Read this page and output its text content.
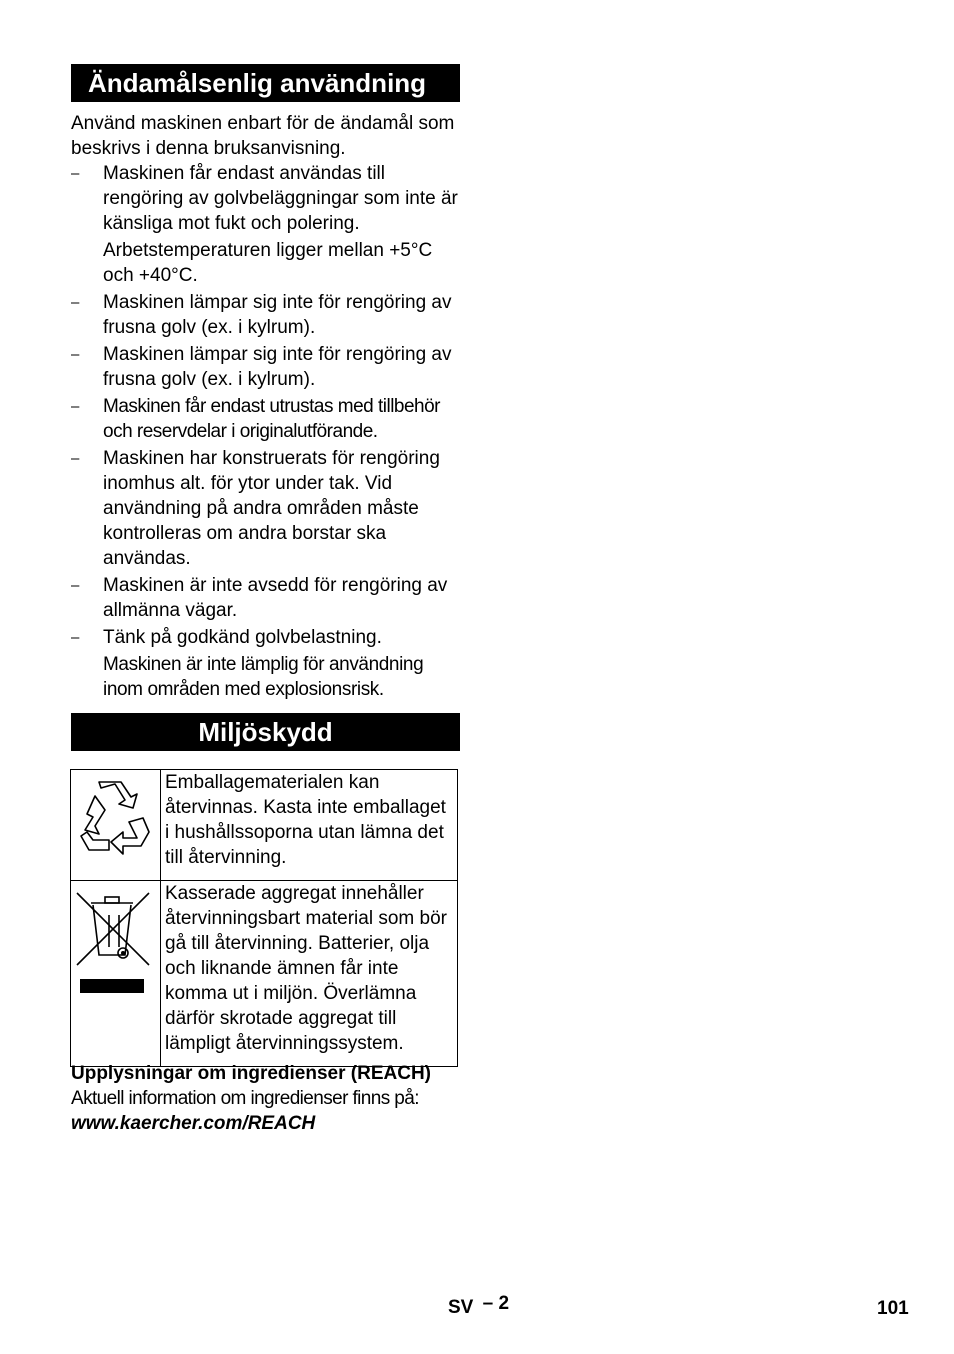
Ändamålsenlig användning
Använd maskinen enbart för de ändamål som beskrivs i denna bruksanvisning.
–	Maskinen får endast användas till rengöring av golvbeläggningar som inte är känsliga mot fukt och polering.
Arbetstemperaturen ligger mellan +5°C och +40°C.
–	Maskinen lämpar sig inte för rengöring av frusna golv (ex. i kylrum).
–	Maskinen lämpar sig inte för rengöring av frusna golv (ex. i kylrum).
–	Maskinen får endast utrustas med tillbehör och reservdelar i originalutförande.
–	Maskinen har konstruerats för rengöring inomhus alt. för ytor under tak. Vid användning på andra områden måste kontrolleras om andra borstar ska användas.
–	Maskinen är inte avsedd för rengöring av allmänna vägar.
–	Tänk på godkänd golvbelastning.
Maskinen är inte lämplig för användning inom områden med explosionsrisk.
Miljöskydd
	Emballagematerialen kan återvinnas. Kasta inte emballaget i hushållssoporna utan lämna det till återvinning.
	Kasserade aggregat innehåller återvinningsbart material som bör gå till återvinning. Batterier, olja och liknande ämnen får inte komma ut i miljön. Överlämna därför skrotade aggregat till lämpligt återvinningssystem.
Upplysningar om ingredienser (REACH)
Aktuell information om ingredienser finns på:
www.kaercher.com/REACH
SV – 2	101
